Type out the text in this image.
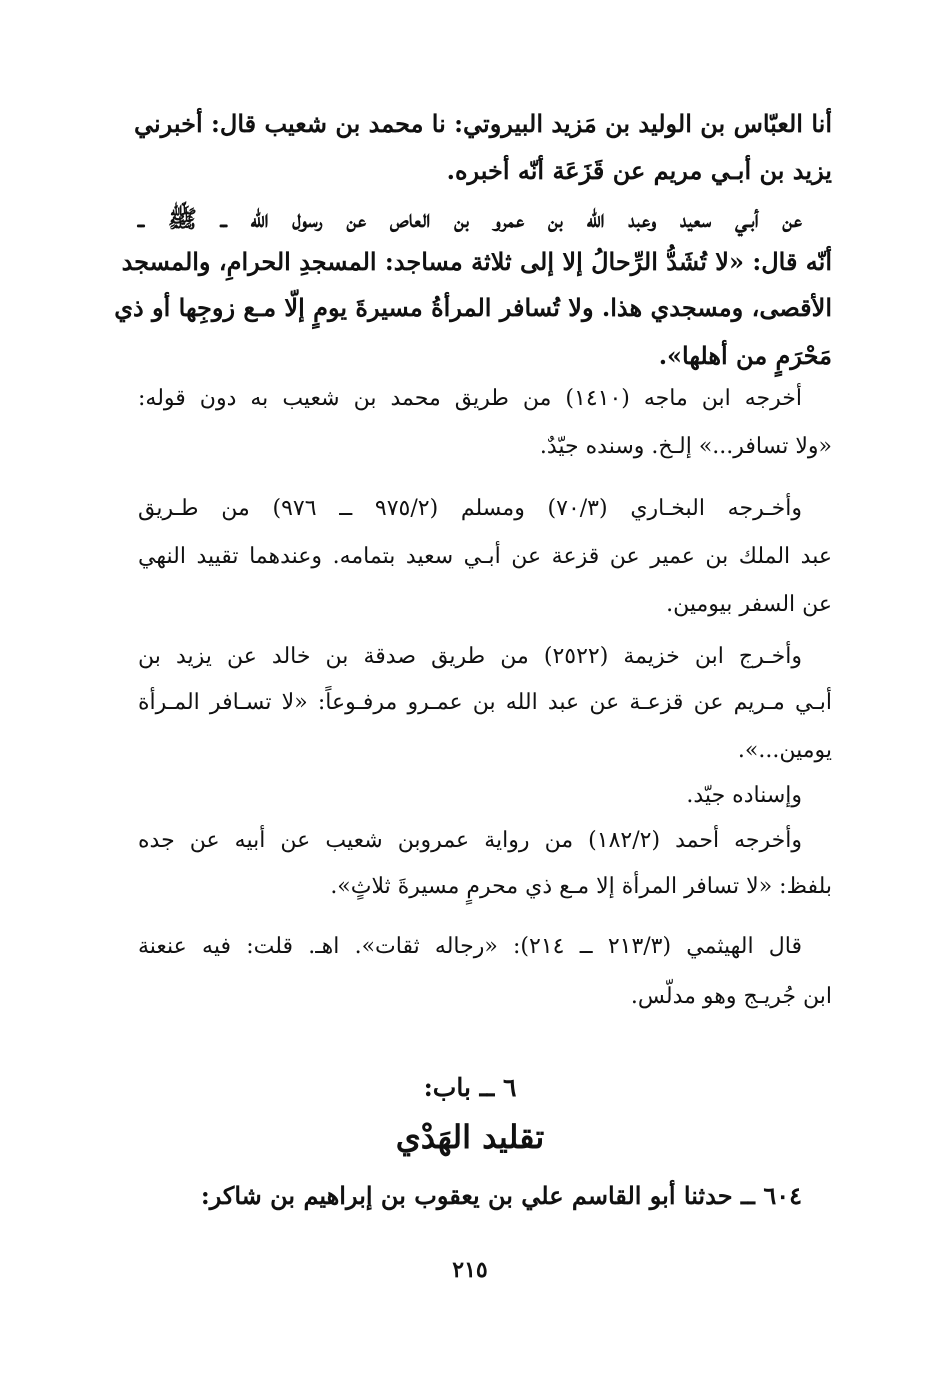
أنا العبّاس بن الوليد بن مَزيد البيروتي: نا محمد بن شعيب قال: أخبرني
يزيد بن أبـي مريم عن قَزَعَة أنّه أخبره.
عن أبـي سعيد وعبد الله بن عمرو بن العاص عن رسول الله ــ ﷺ ــ
أنّه قال: «لا تُشَدُّ الرِّحالُ إلا إلى ثلاثة مساجد: المسجدِ الحرامِ، والمسجد
الأقصى، ومسجدي هذا. ولا تُسافر المرأةُ مسيرةَ يومٍ إلّا مـع زوجِها أو ذي
مَحْرَمٍ من أهلها».
أخرجه ابن ماجه (١٤١٠) من طريق محمد بن شعيب به دون قوله:
«ولا تسافر...» إلـخ. وسنده جيّدٌ.
وأخـرجه البخـاري (٧٠/٣) ومسلم (٩٧٥/٢ ــ ٩٧٦) من طـريق
عبد الملك بن عمير عن قزعة عن أبـي سعيد بتمامه. وعندهما تقييد النهي
عن السفر بيومين.
وأخـرج ابن خزيمة (٢٥٢٢) من طريق صدقة بن خالد عن يزيد بن
أبـي مـريم عن قزعـة عن عبد الله بن عمـرو مرفـوعاً: «لا تسـافر المـرأة
يومين...».
وإسناده جيّد.
وأخرجه أحمد (١٨٢/٢) من رواية عمروبن شعيب عن أبيه عن جده
بلفظ: «لا تسافر المرأة إلا مـع ذي محرمٍ مسيرةَ ثلاثٍ».
قال الهيثمي (٢١٣/٣ ــ ٢١٤): «رجاله ثقات». اهـ. قلت: فيه عنعنة
ابن جُريـج وهو مدلّس.
٦ ــ باب:
تقليد الهَدْي
٦٠٤ ــ حدثنا أبو القاسم علي بن يعقوب بن إبراهيم بن شاكر:
٢١٥
